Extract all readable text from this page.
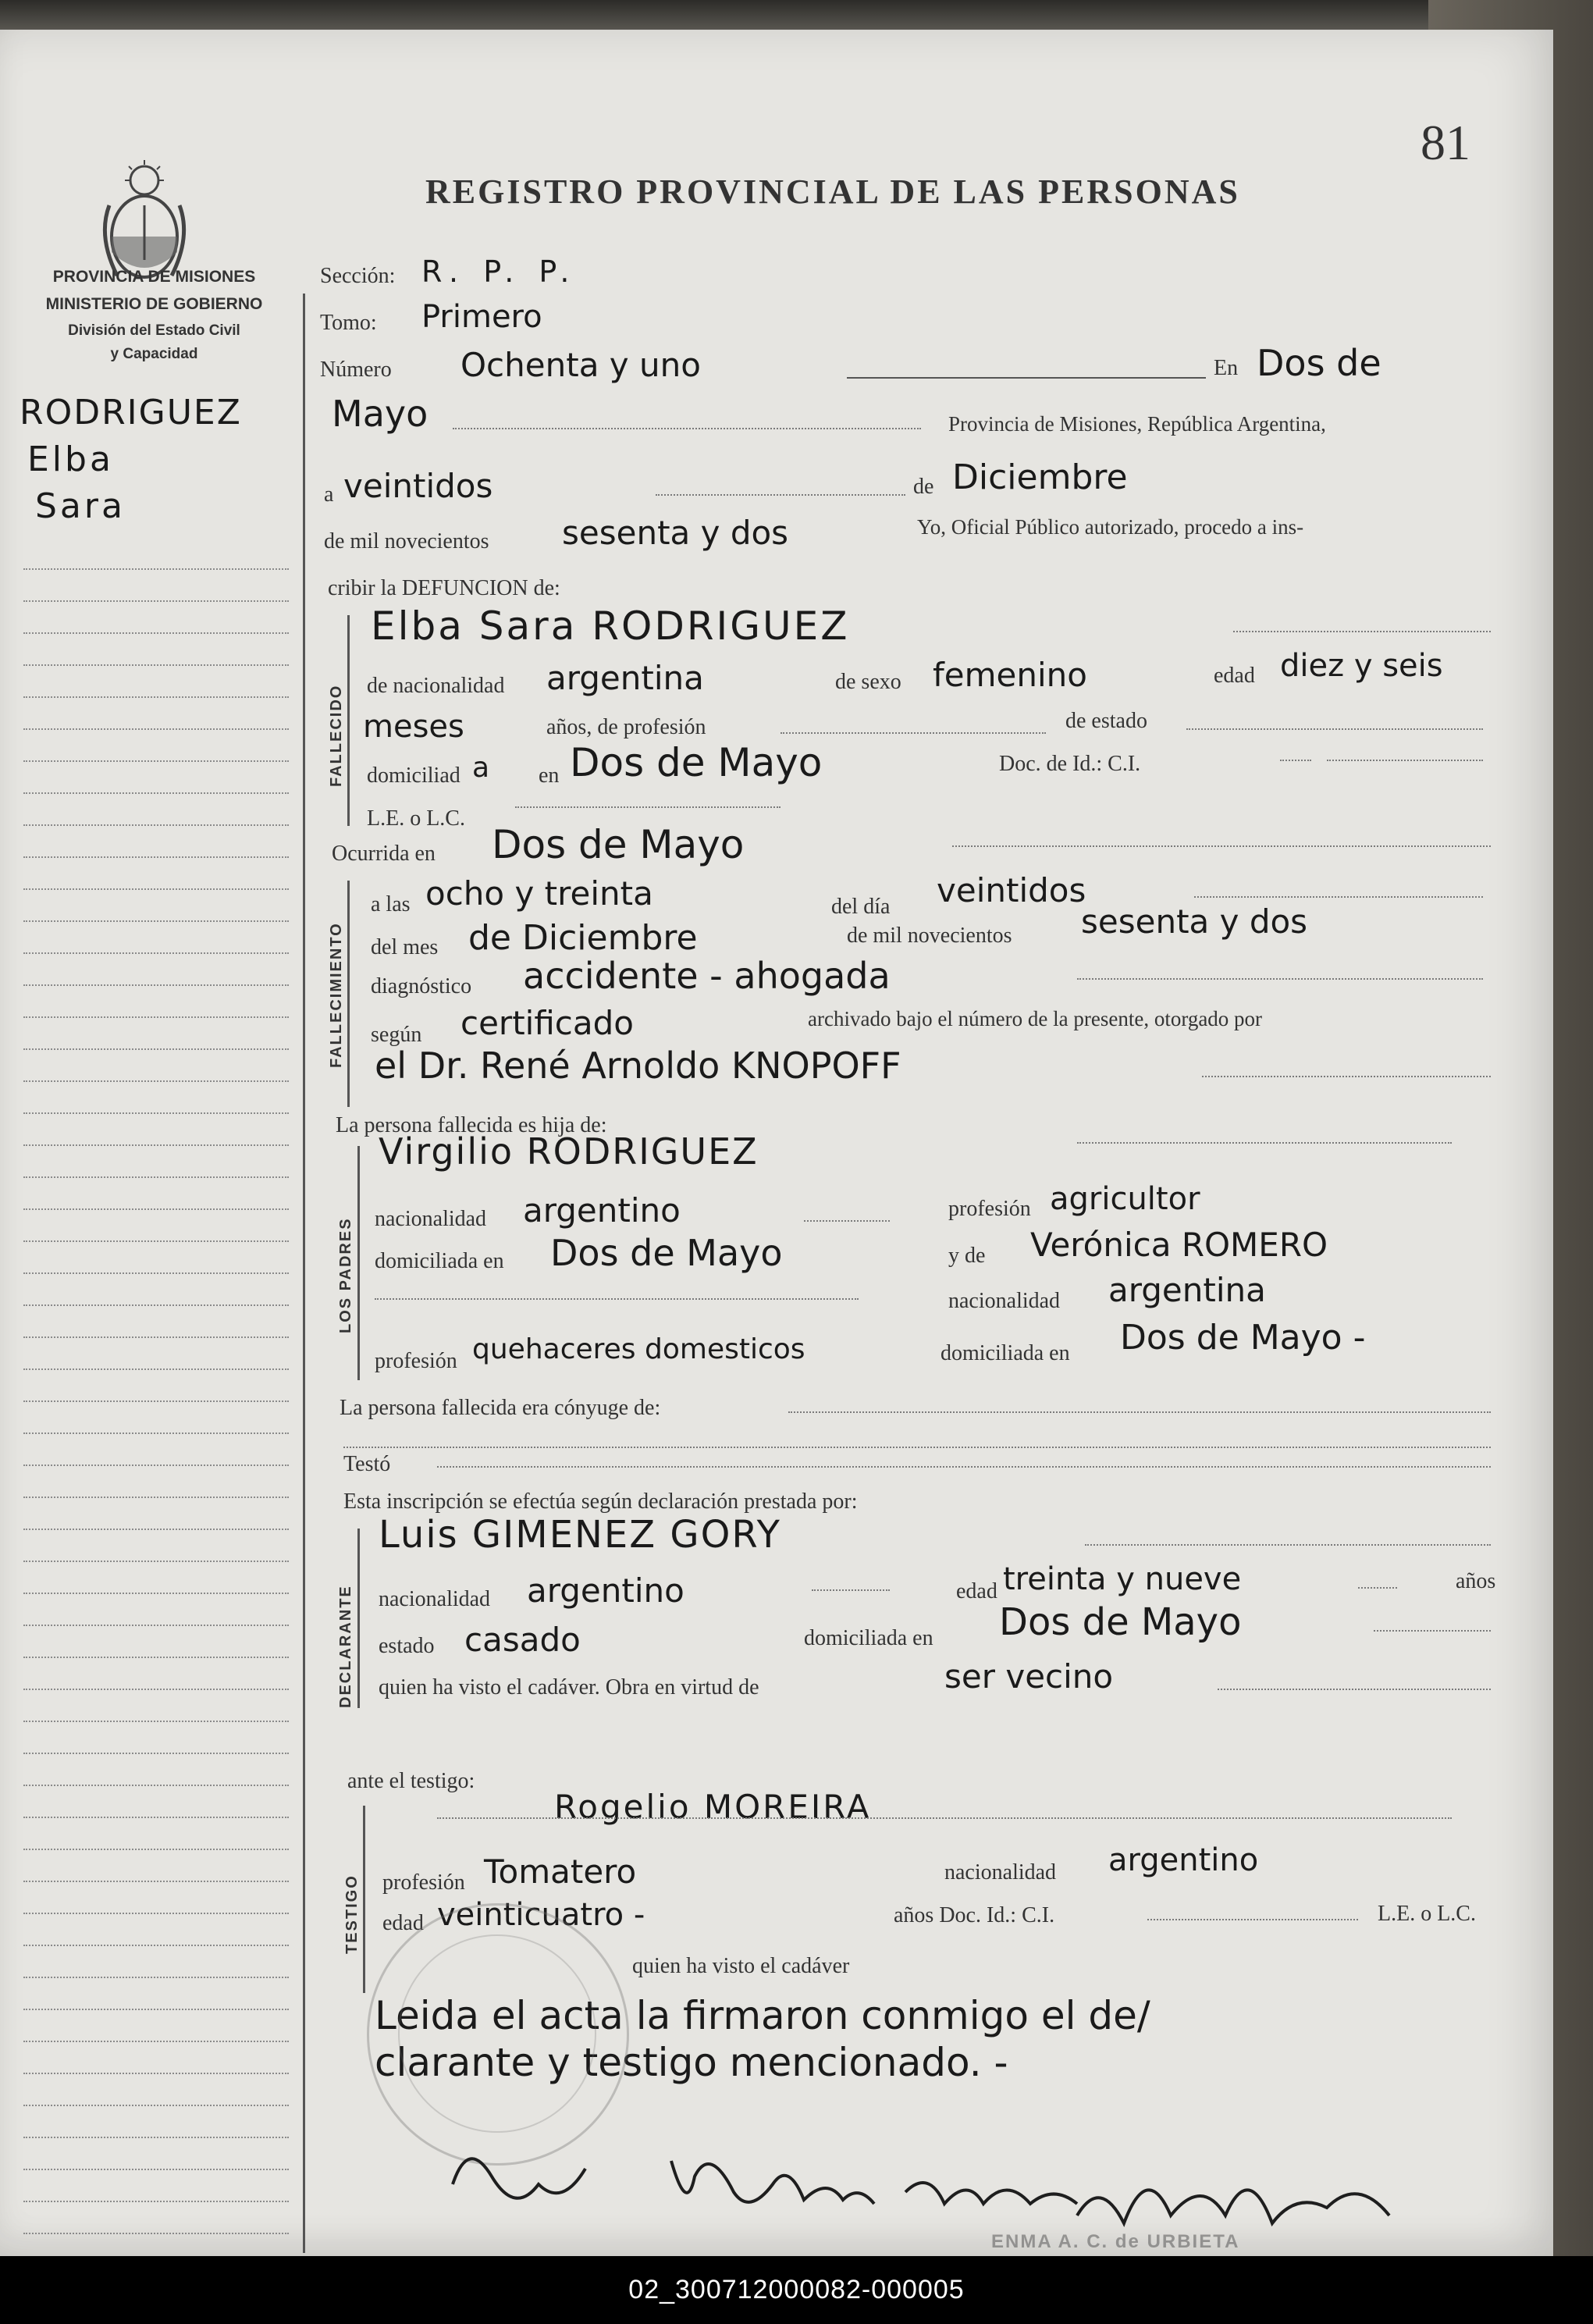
81
REGISTRO PROVINCIAL DE LAS PERSONAS
PROVINCIA DE MISIONES
MINISTERIO DE GOBIERNO
División del Estado Civil
y Capacidad
RODRIGUEZ
Elba
Sara
Sección: R. P. P.
Tomo: Primero
Número Ochenta y uno	En Dos de
Mayo	Provincia de Misiones, República Argentina,
a veintidos	de Diciembre
de mil novecientos sesenta y dos	Yo, Oficial Público autorizado, procedo a ins-
cribir la DEFUNCION de:
FALLECIDO
Elba Sara RODRIGUEZ
de nacionalidad argentina	de sexo femenino	edad diez y seis
meses	años, de profesión	de estado
domiciliad a en Dos de Mayo	Doc. de Id.: C.I.
L.E. o L.C.
Ocurrida en Dos de Mayo
FALLECIMIENTO
a las ocho y treinta	del día veintidos
del mes de Diciembre	de mil novecientos sesenta y dos
diagnóstico accidente - ahogada
según certificado	archivado bajo el número de la presente, otorgado por
el Dr. René Arnoldo KNOPOFF
La persona fallecida es hija de:
LOS PADRES
Virgilio RODRIGUEZ
nacionalidad argentino	profesión agricultor
domiciliada en Dos de Mayo	y de Verónica ROMERO
nacionalidad argentina
profesión quehaceres domesticos	domiciliada en Dos de Mayo -
La persona fallecida era cónyuge de:
Testó
Esta inscripción se efectúa según declaración prestada por:
DECLARANTE
Luis GIMENEZ GORY
nacionalidad argentino	edad treinta y nueve	años
estado casado	domiciliada en Dos de Mayo
quien ha visto el cadáver. Obra en virtud de	ser vecino
ante el testigo:
TESTIGO
Rogelio MOREIRA
profesión Tomatero	nacionalidad argentino
edad veinticuatro -	años Doc. Id.: C.I.	L.E. o L.C.
quien ha visto el cadáver
Leida el acta la firmaron conmigo el de/
clarante y testigo mencionado. -
ENMA A. C. de URBIETA
02_300712000082-000005
